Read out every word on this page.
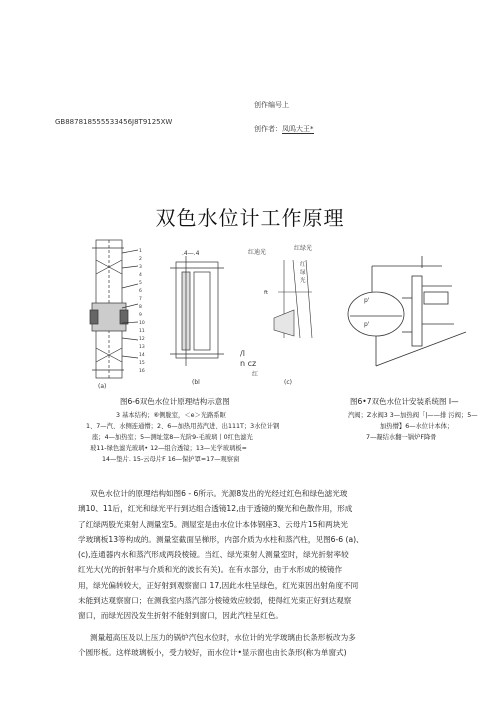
创作编号上
GB887818555533456J8T9125XW
创作者：凤呜大王*
双色水位计工作原理
(a)
.4—.4
(bl
红迪光
红绿光
红
绿
光
ft
/l
n cz
红
(c)
1
2
3
4
5
6
7
8
9
10
11
12
13
14
15
16
p'
p'
图6-6双色水位计原理结构示意图	图6•7双色水位计安装系统图 I—
3 基本结构；⑥侧胧室，＜e＞光路系眍
1、7—汽、水侧连通懵；2、6—加热用蒸汽进、出111T；3水位计钢
座；4—加热室；5—测址筮8—光阶9-毛玻璃丨0红色滤光
玻11-绿色滤光玻璃• 12—组合透镜；13—光学玻璃板=
14—垫片. 15-云母片F 16—保护罩=17—观察窗
汽阀；Z水阀3 3—加热阀「|——排 污阀；5—
加热懵】6—水位计本体；
7—凝结水翻一锅炉F降骨
双色水位计的原理结构如图6 - 6所示。光源8发出的光经过红色和绿色滤光玻
璃10、11后，红光和绿光平行到达组合透镜12,由于透镜的聚光和色散作用，形成
了红绿两股光束射人测量室5。测屋室是由水位计本体钢座3、云母片15和两块光
学玻璃板13等构成的。测量室截面呈梯形，内部介质为水柱和蒸汽柱，见图6-6 (a)、
(c),连通器内水和蒸汽形成两段棱镜。当红、绿光束射人测量室时，绿光折射率较
红光大(光的折射率与介质和光的波长有关)。在有水部分，由于水形成的棱镜作
用，绿光偏转较大，正好射到观察窗口 17,因此水柱呈绿色，红光束因出射角度不同
未能到达观察窗口；在测我室内蒸汽部分棱镜效应较弱，使得红光束正好到达观察
窗口，而绿光因没发生折射不能射到窗口，因此汽柱呈红色。
测量超高压及以上压力的锅炉汽包水位时，水位计的光学玻璃由长条形板改为多
个圆形板。这样玻璃板小，受力较好，而水位计•显示窗也由长条形(称为单窗式)
